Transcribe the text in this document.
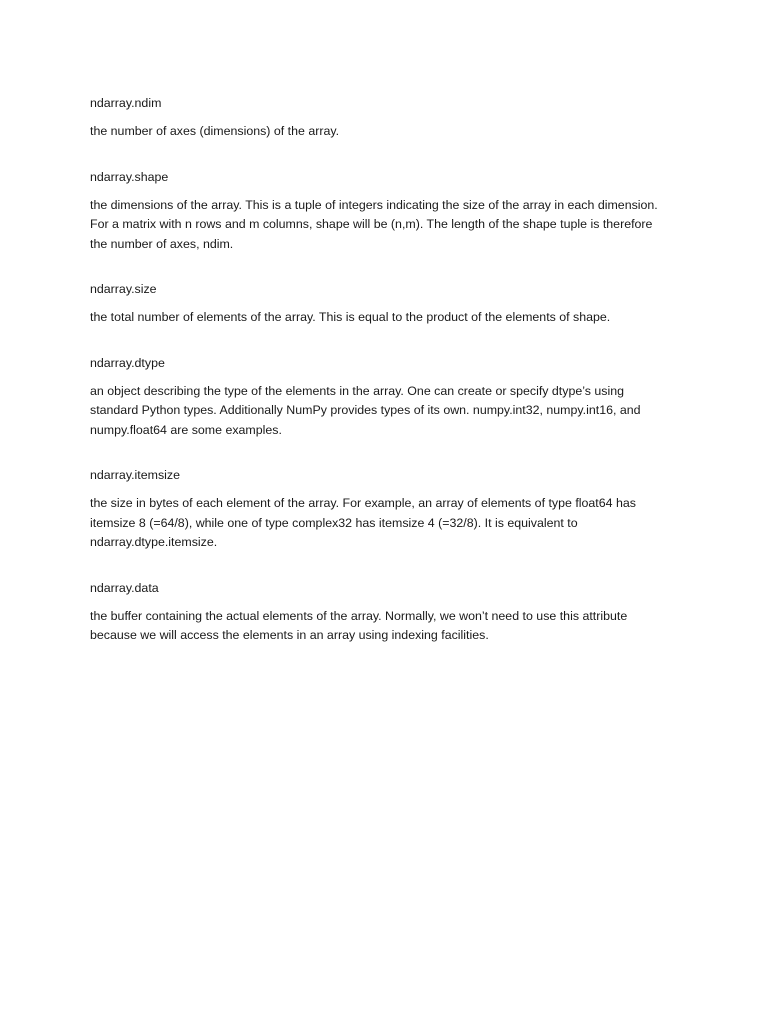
ndarray.ndim

the number of axes (dimensions) of the array.

ndarray.shape

the dimensions of the array. This is a tuple of integers indicating the size of the array in each dimension. For a matrix with n rows and m columns, shape will be (n,m). The length of the shape tuple is therefore the number of axes, ndim.

ndarray.size

the total number of elements of the array. This is equal to the product of the elements of shape.

ndarray.dtype

an object describing the type of the elements in the array. One can create or specify dtype’s using standard Python types. Additionally NumPy provides types of its own. numpy.int32, numpy.int16, and numpy.float64 are some examples.

ndarray.itemsize

the size in bytes of each element of the array. For example, an array of elements of type float64 has itemsize 8 (=64/8), while one of type complex32 has itemsize 4 (=32/8). It is equivalent to ndarray.dtype.itemsize.

ndarray.data

the buffer containing the actual elements of the array. Normally, we won’t need to use this attribute because we will access the elements in an array using indexing facilities.
